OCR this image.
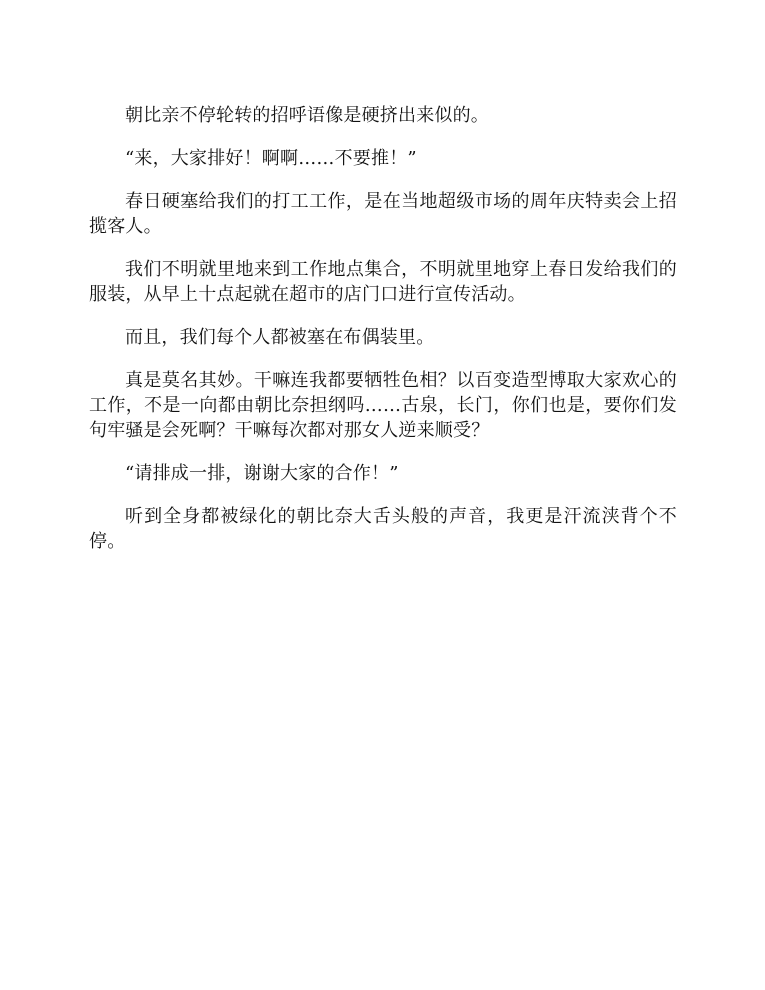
朝比亲不停轮转的招呼语像是硬挤出来似的。

“来，大家排好！啊啊……不要推！”

春日硬塞给我们的打工工作，是在当地超级市场的周年庆特卖会上招揽客人。

我们不明就里地来到工作地点集合，不明就里地穿上春日发给我们的服装，从早上十点起就在超市的店门口进行宣传活动。

而且，我们每个人都被塞在布偶装里。

真是莫名其妙。干嘛连我都要牺牲色相？以百变造型博取大家欢心的工作，不是一向都由朝比奈担纲吗……古泉，长门，你们也是，要你们发句牢骚是会死啊？干嘛每次都对那女人逆来顺受？

“请排成一排，谢谢大家的合作！”

听到全身都被绿化的朝比奈大舌头般的声音，我更是汗流浃背个不停。
